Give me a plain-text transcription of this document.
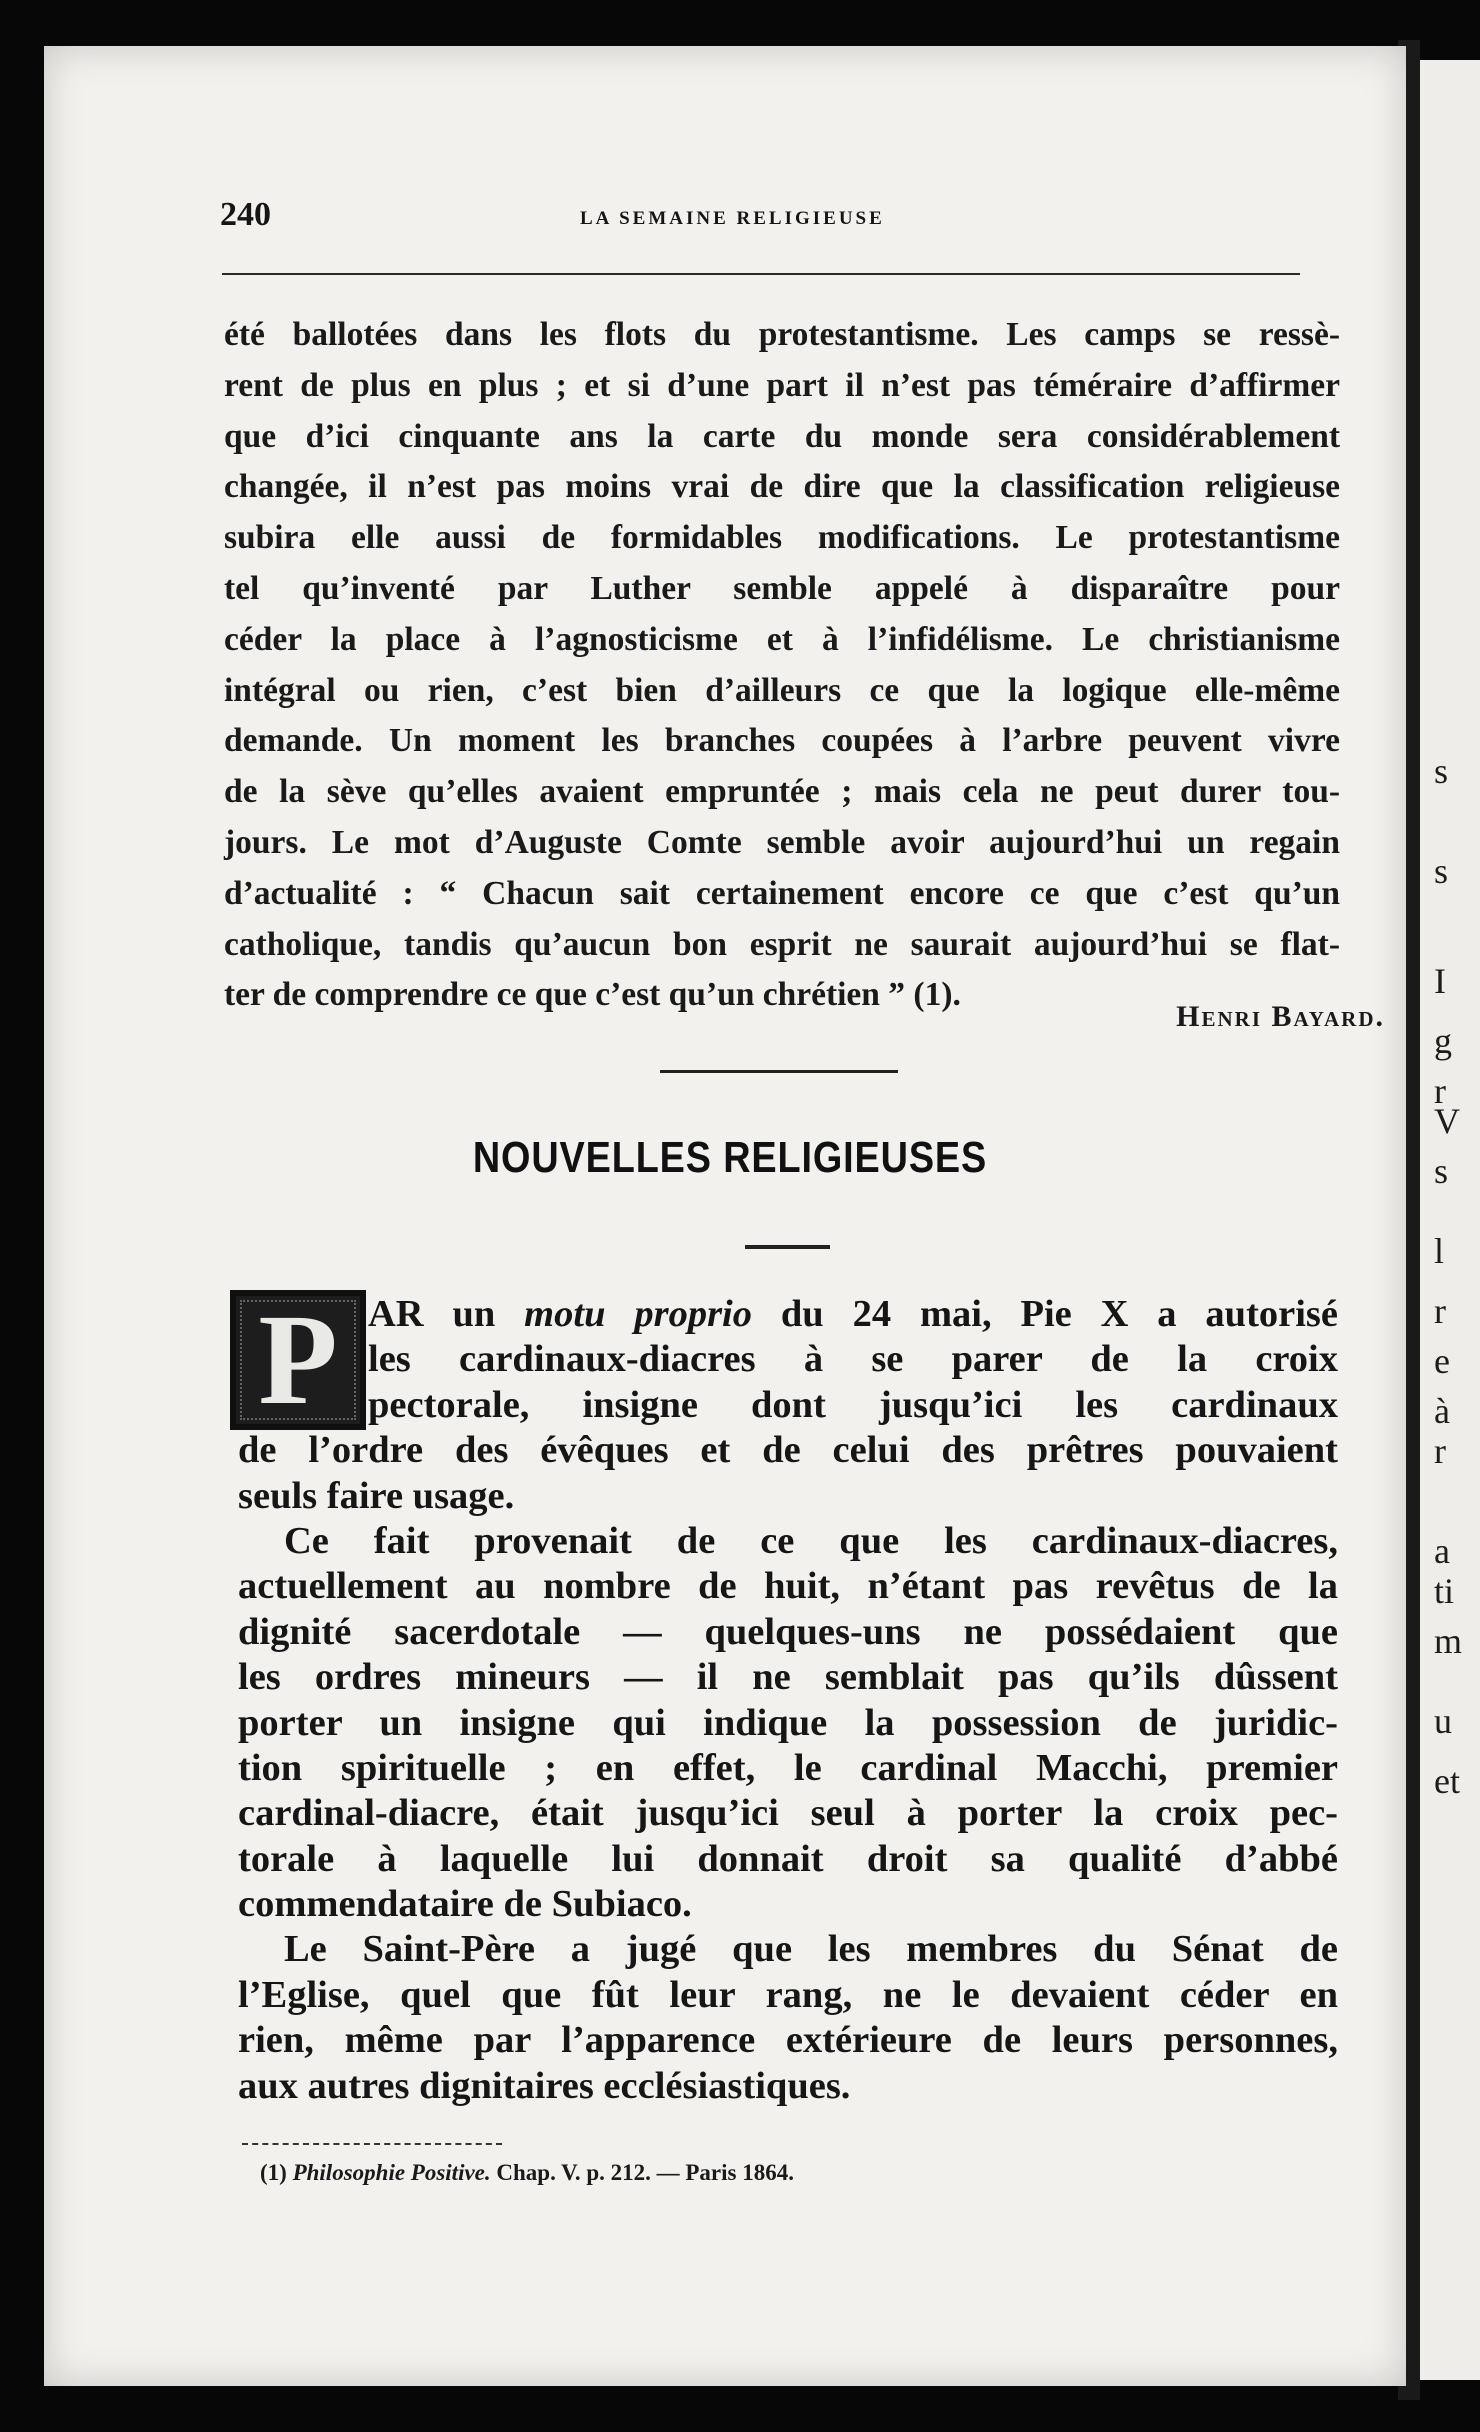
s
s
I
g
r
V
s
l
r
e
à
r
a
ti
m
u
et
240	LA SEMAINE RELIGIEUSE
été ballotées dans les flots du protestantisme. Les camps se ressè-
rent de plus en plus ; et si d’une part il n’est pas téméraire d’affirmer
que d’ici cinquante ans la carte du monde sera considérablement
changée, il n’est pas moins vrai de dire que la classification religieuse
subira elle aussi de formidables modifications. Le protestantisme
tel qu’inventé par Luther semble appelé à disparaître pour
céder la place à l’agnosticisme et à l’infidélisme. Le christianisme
intégral ou rien, c’est bien d’ailleurs ce que la logique elle-même
demande. Un moment les branches coupées à l’arbre peuvent vivre
de la sève qu’elles avaient empruntée ; mais cela ne peut durer tou-
jours. Le mot d’Auguste Comte semble avoir aujourd’hui un regain
d’actualité : “ Chacun sait certainement encore ce que c’est qu’un
catholique, tandis qu’aucun bon esprit ne saurait aujourd’hui se flat-
ter de comprendre ce que c’est qu’un chrétien ” (1).
Henri Bayard.
NOUVELLES RELIGIEUSES
P AR un motu proprio du 24 mai, Pie X a autorisé
les cardinaux-diacres à se parer de la croix
pectorale, insigne dont jusqu’ici les cardinaux
de l’ordre des évêques et de celui des prêtres pouvaient
seuls faire usage.
Ce fait provenait de ce que les cardinaux-diacres,
actuellement au nombre de huit, n’étant pas revêtus de la
dignité sacerdotale — quelques-uns ne possédaient que
les ordres mineurs — il ne semblait pas qu’ils dûssent
porter un insigne qui indique la possession de juridic-
tion spirituelle ; en effet, le cardinal Macchi, premier
cardinal-diacre, était jusqu’ici seul à porter la croix pec-
torale à laquelle lui donnait droit sa qualité d’abbé
commendataire de Subiaco.
Le Saint-Père a jugé que les membres du Sénat de
l’Eglise, quel que fût leur rang, ne le devaient céder en
rien, même par l’apparence extérieure de leurs personnes,
aux autres dignitaires ecclésiastiques.
(1) Philosophie Positive. Chap. V. p. 212. — Paris 1864.
